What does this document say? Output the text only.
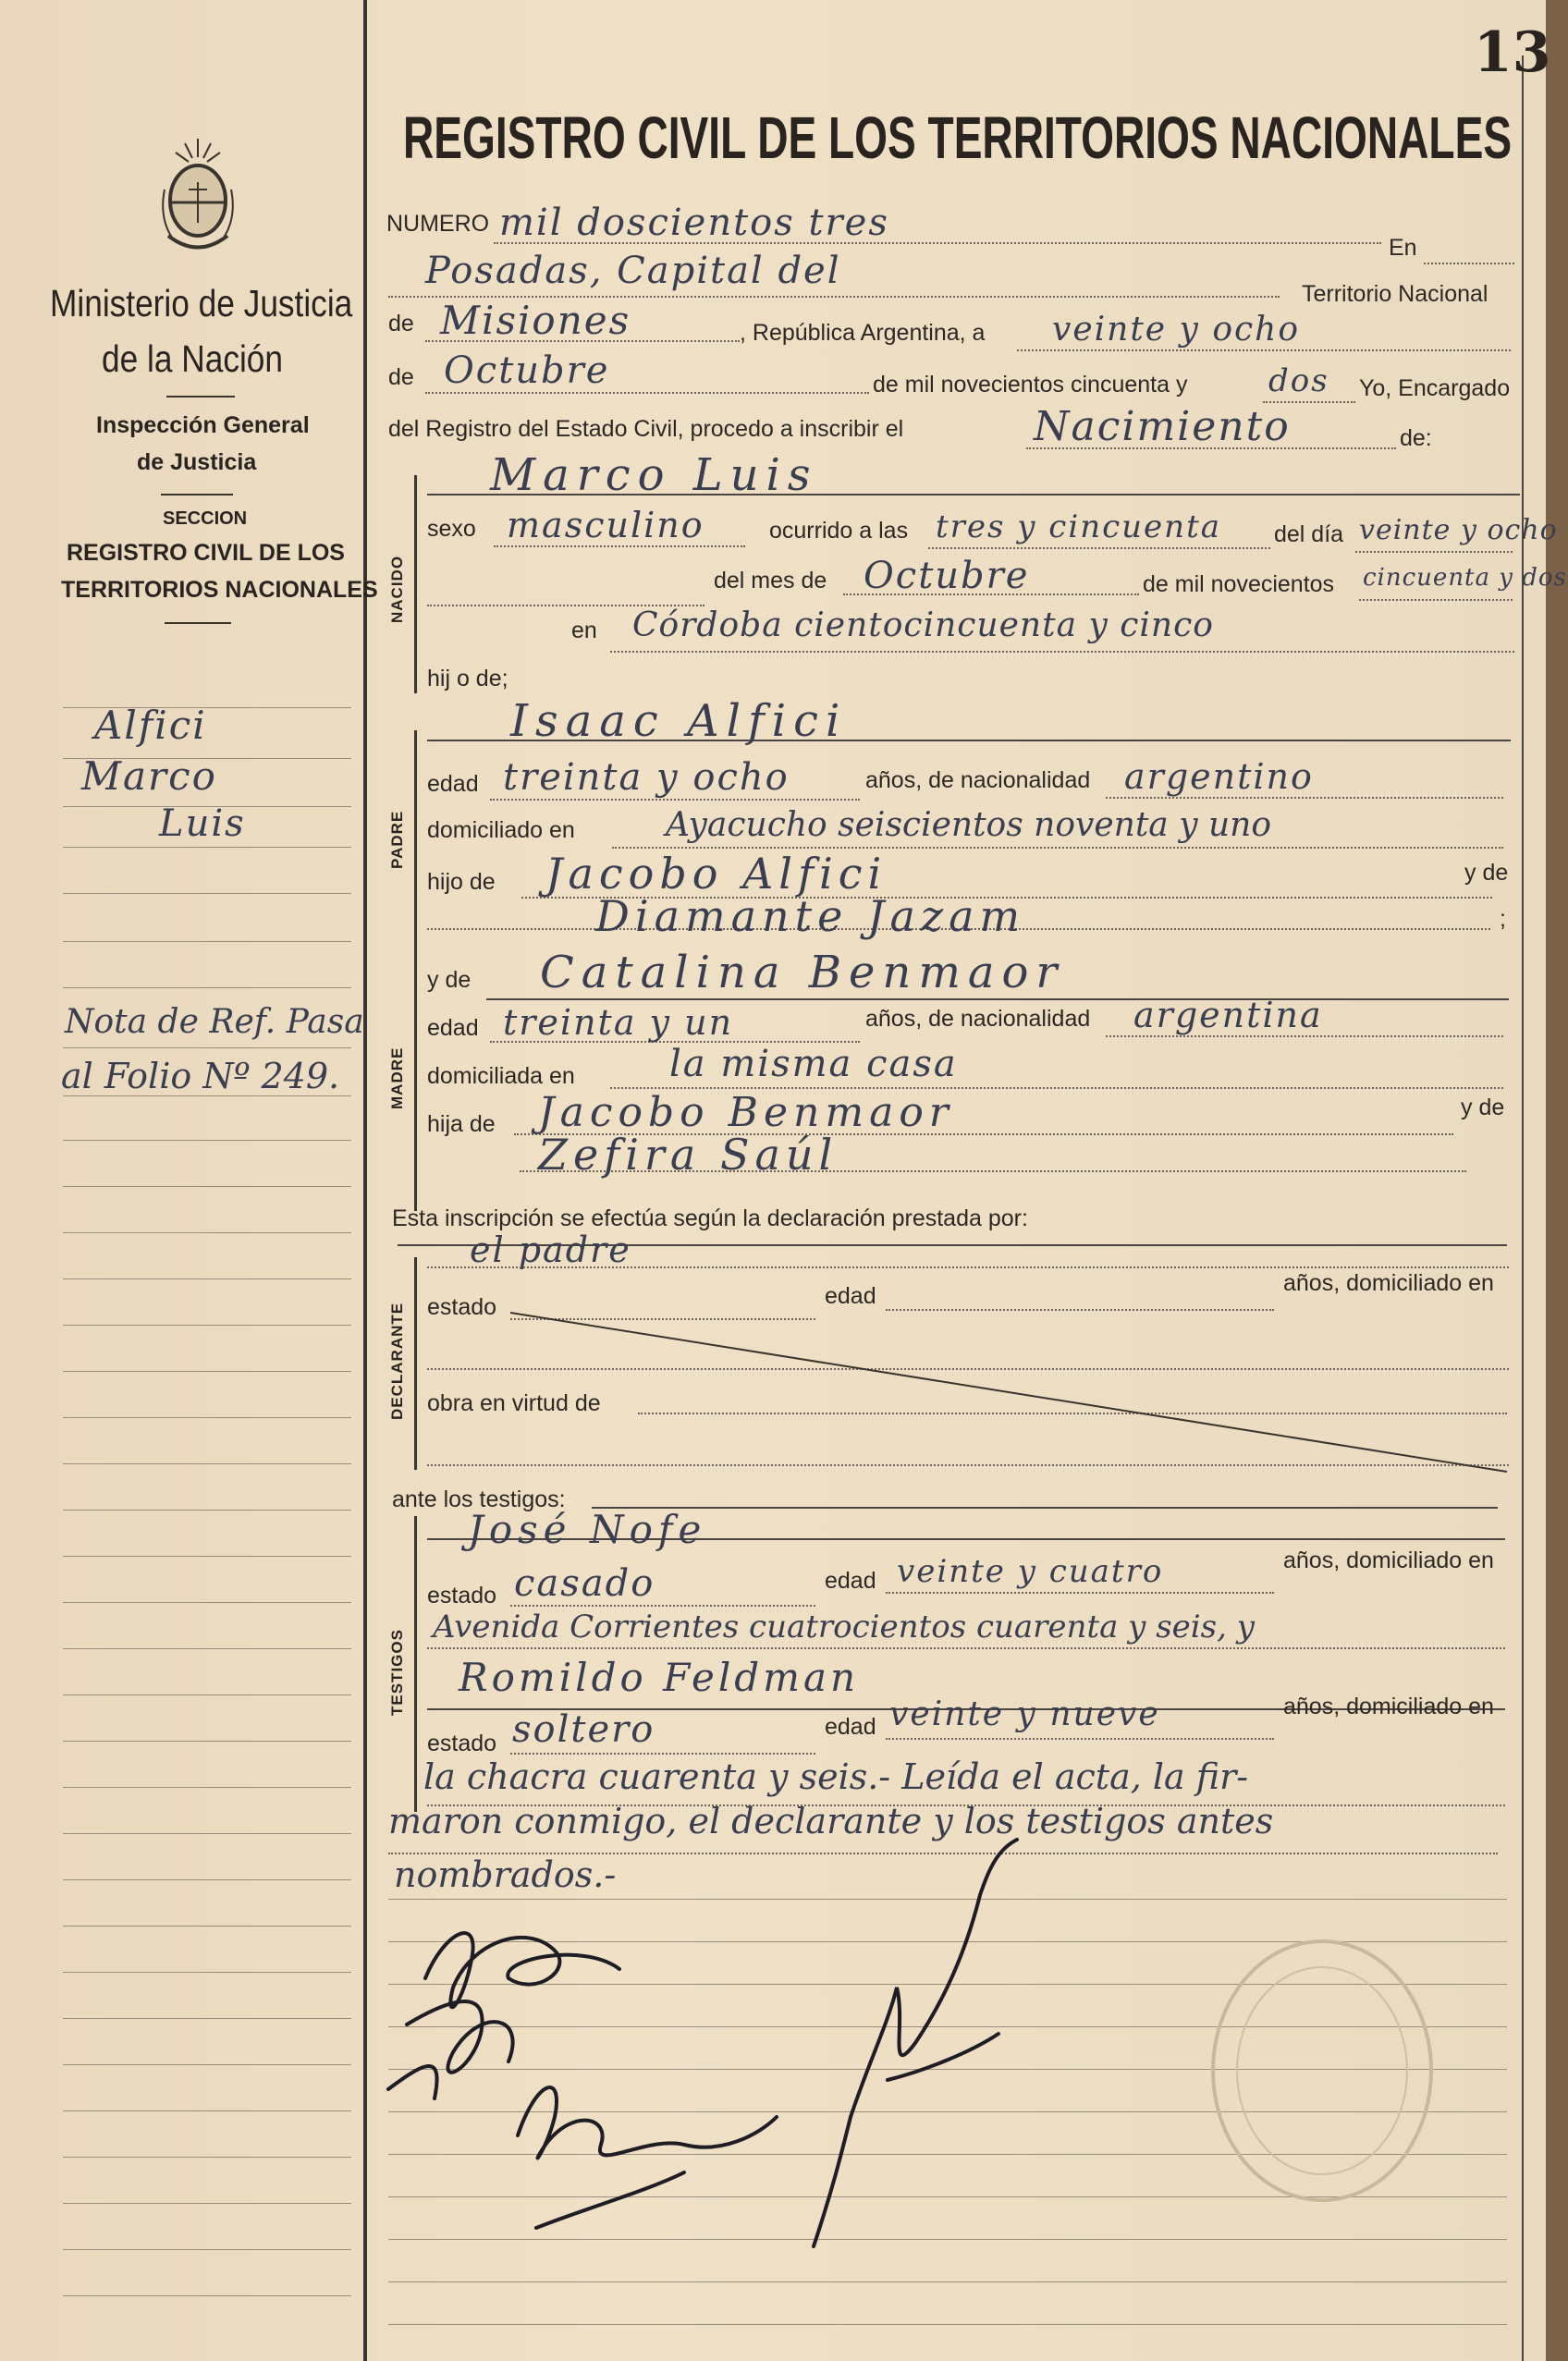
13
Ministerio de Justicia
de la Nación
Inspección General
de Justicia
SECCION
REGISTRO CIVIL DE LOS
TERRITORIOS NACIONALES
Alfici
Marco
Luis
Nota de Ref. Pasa
al Folio Nº 249.
REGISTRO CIVIL DE LOS TERRITORIOS NACIONALES
NUMERO mil doscientos tres
En
Posadas, Capital del
Territorio Nacional
de Misiones	, República Argentina, a veinte y ocho
de Octubre	de mil novecientos cincuenta y	dos Yo, Encargado
del Registro del Estado Civil, procedo a inscribir el	Nacimiento	de:
Marco Luis
NACIDO
sexo masculino	ocurrido a las tres y cincuenta del día veinte y ocho
del mes de Octubre	de mil novecientos cincuenta y dos
en Córdoba cientocincuenta y cinco
hij o de;
Isaac Alfici
PADRE
edad treinta y ocho	años, de nacionalidad argentino
domiciliado en	Ayacucho seiscientos noventa y uno
hijo de Jacobo Alfici	y de
Diamante Jazam	;
MADRE
y de Catalina Benmaor
edad treinta y un	años, de nacionalidad argentina
domiciliada en	la misma casa
hija de Jacobo Benmaor	y de
Zefira Saúl
Esta inscripción se efectúa según la declaración prestada por:
el padre
DECLARANTE estado	edad	años, domiciliado en
obra en virtud de
ante los testigos:
TESTIGOS
José Nofe
estado casado	edad veinte y cuatro	años, domiciliado en
Avenida Corrientes cuatrocientos cuarenta y seis, y
Romildo Feldman
estado soltero	edad veinte y nueve	años, domiciliado en
la chacra cuarenta y seis.- Leída el acta, la fir-
maron conmigo, el declarante y los testigos antes
nombrados.-
